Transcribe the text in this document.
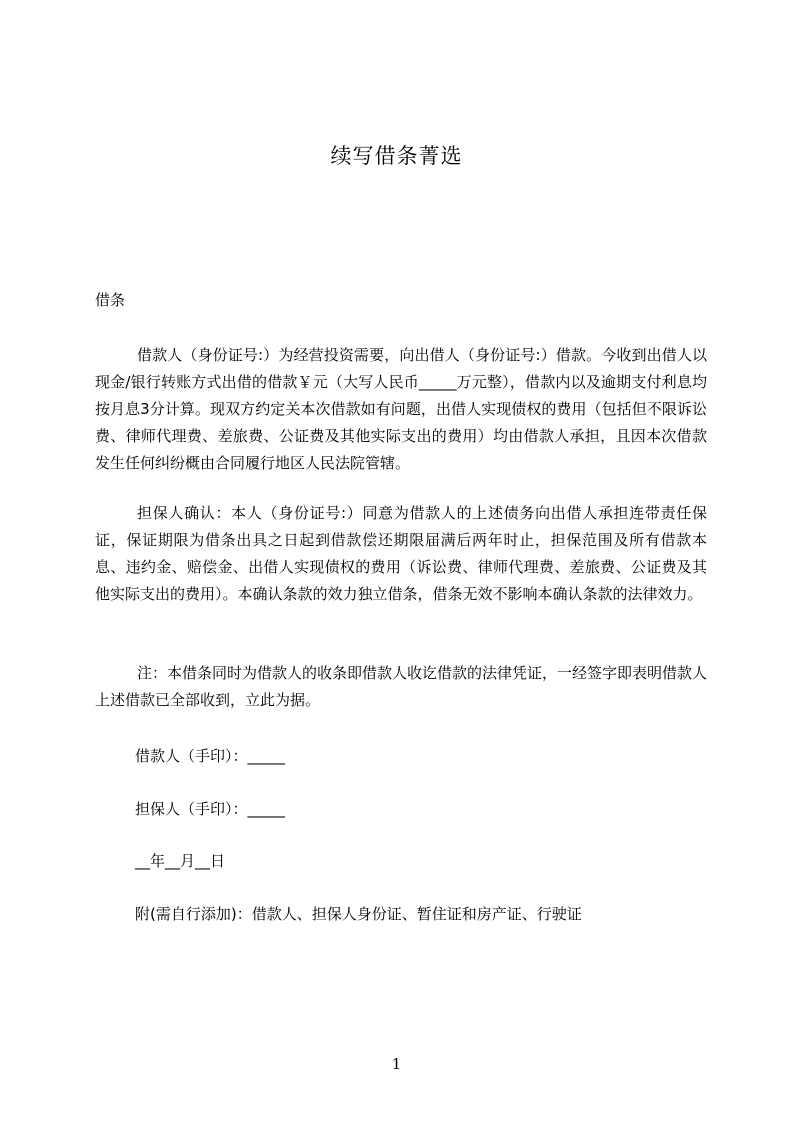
续写借条菁选
借条
借款人（身份证号:）为经营投资需要，向出借人（身份证号:）借款。今收到出借人以现金/银行转账方式出借的借款￥元（大写人民币_____万元整），借款内以及逾期支付利息均按月息3分计算。现双方约定关本次借款如有问题，出借人实现债权的费用（包括但不限诉讼费、律师代理费、差旅费、公证费及其他实际支出的费用）均由借款人承担，且因本次借款发生任何纠纷概由合同履行地区人民法院管辖。
担保人确认：本人（身份证号:）同意为借款人的上述债务向出借人承担连带责任保证，保证期限为借条出具之日起到借款偿还期限届满后两年时止，担保范围及所有借款本息、违约金、赔偿金、出借人实现债权的费用（诉讼费、律师代理费、差旅费、公证费及其他实际支出的费用）。本确认条款的效力独立借条，借条无效不影响本确认条款的法律效力。
注：本借条同时为借款人的收条即借款人收讫借款的法律凭证，一经签字即表明借款人上述借款已全部收到，立此为据。
借款人（手印）：_____
担保人（手印）：_____
__年__月__日
附(需自行添加)：借款人、担保人身份证、暂住证和房产证、行驶证
1
